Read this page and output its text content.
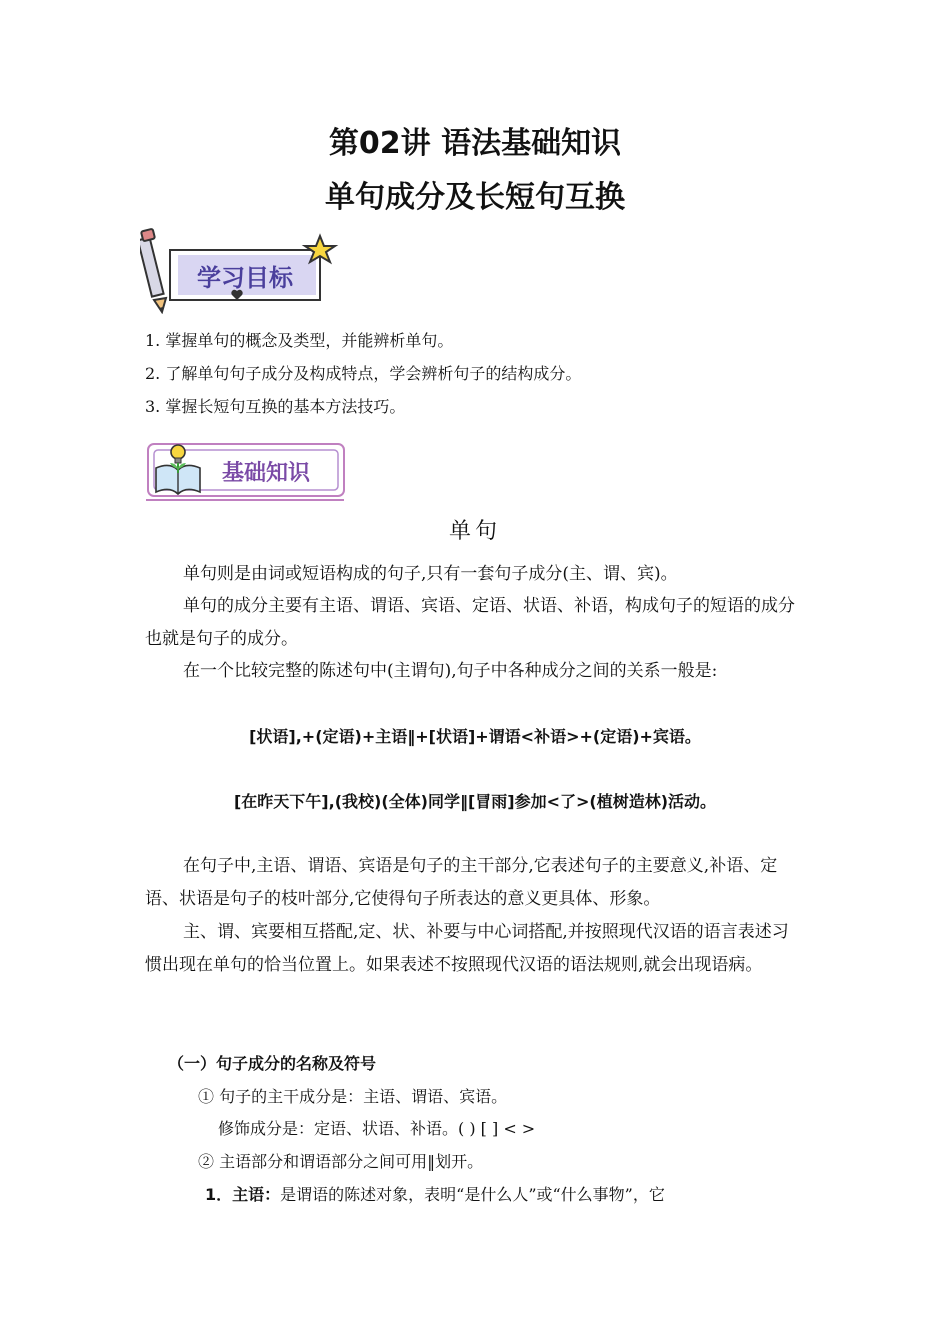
第02讲 语法基础知识
单句成分及长短句互换
学习目标
1. 掌握单句的概念及类型，并能辨析单句。
2. 了解单句句子成分及构成特点，学会辨析句子的结构成分。
3. 掌握长短句互换的基本方法技巧。
基础知识
单句

单句则是由词或短语构成的句子,只有一套句子成分(主、谓、宾)。

单句的成分主要有主语、谓语、宾语、定语、状语、补语，构成句子的短语的成分也就是句子的成分。

在一个比较完整的陈述句中(主谓句),句子中各种成分之间的关系一般是:

[状语],+(定语)+主语‖+[状语]+谓语<补语>+(定语)+宾语。
[在昨天下午],(我校)(全体)同学‖[冒雨]参加<了>(植树造林)活动。

在句子中,主语、谓语、宾语是句子的主干部分,它表述句子的主要意义,补语、定语、状语是句子的枝叶部分,它使得句子所表达的意义更具体、形象。

主、谓、宾要相互搭配,定、状、补要与中心词搭配,并按照现代汉语的语言表述习惯出现在单句的恰当位置上。如果表述不按照现代汉语的语法规则,就会出现语病。

（一）句子成分的名称及符号
① 句子的主干成分是：主语、谓语、宾语。
修饰成分是：定语、状语、补语。( ) [ ] < >
② 主语部分和谓语部分之间可用‖划开。
1．主语：是谓语的陈述对象，表明“是什么人”或“什么事物”，它
